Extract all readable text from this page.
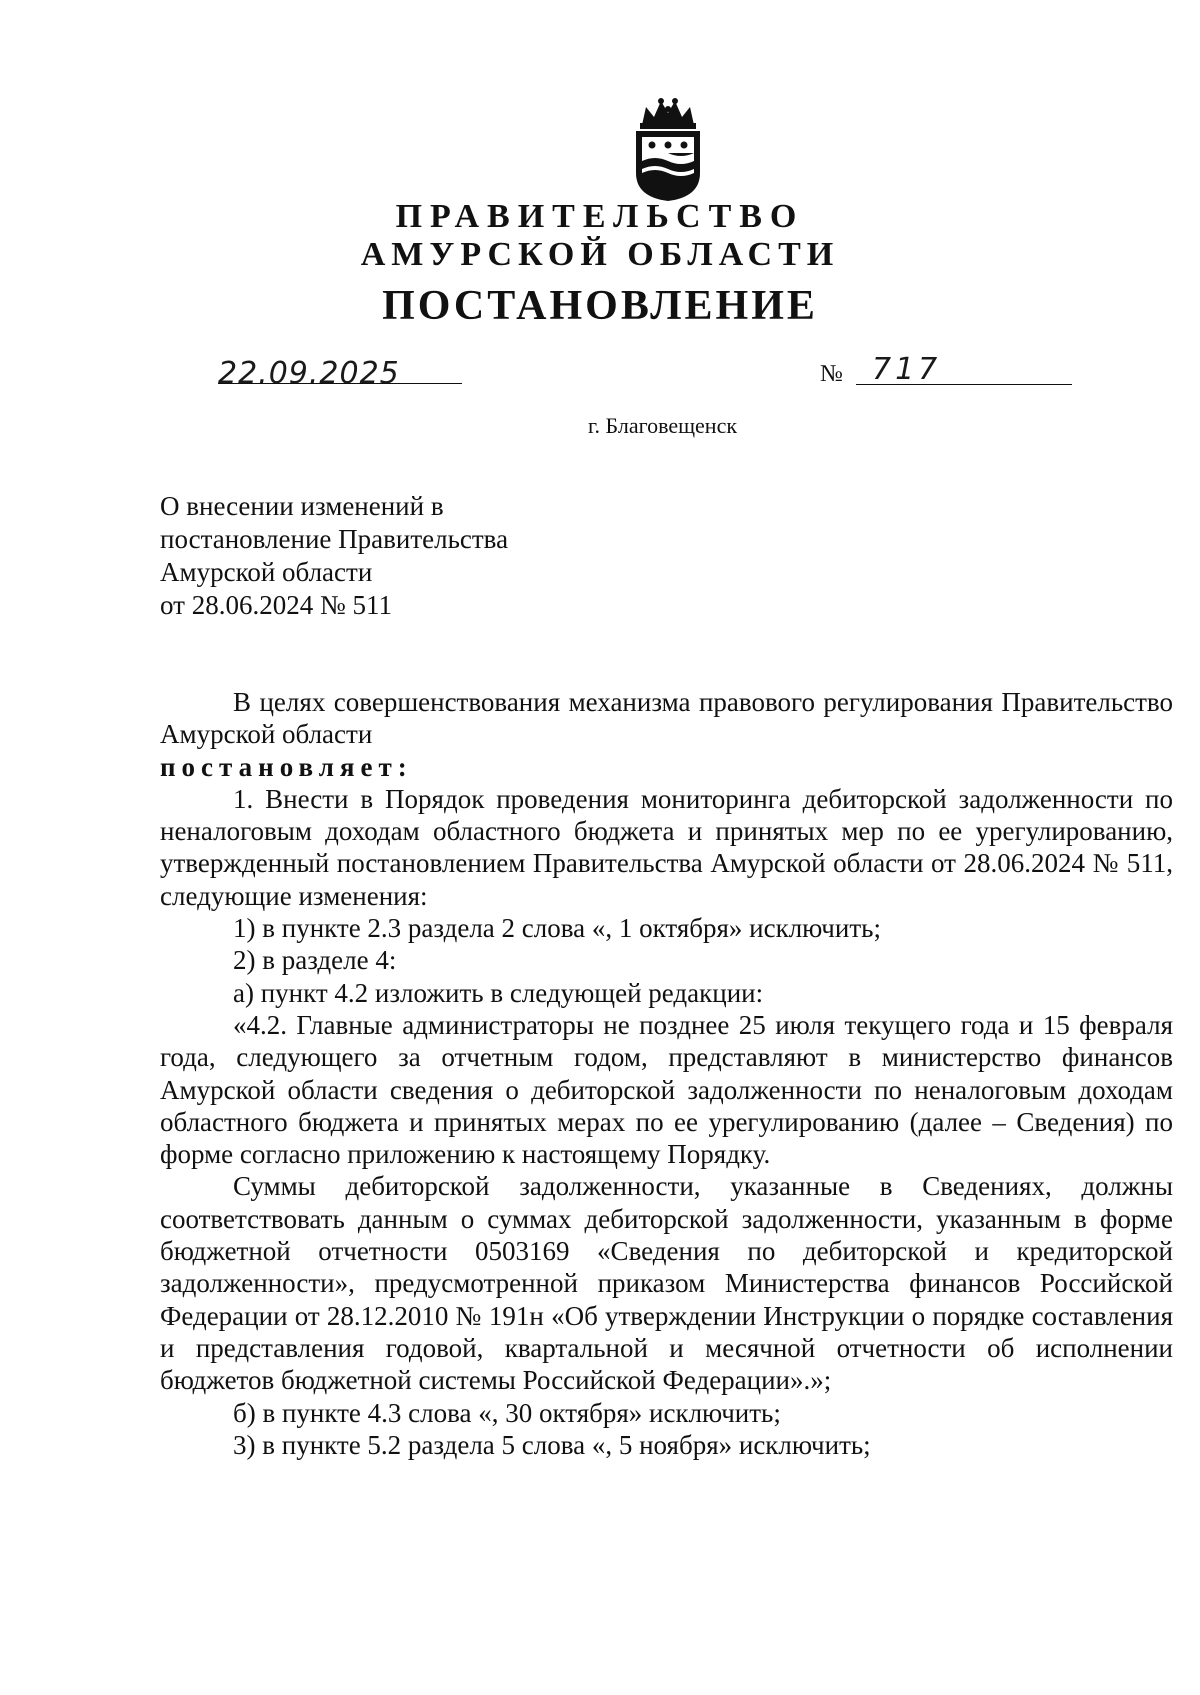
ПРАВИТЕЛЬСТВО
АМУРСКОЙ ОБЛАСТИ
ПОСТАНОВЛЕНИЕ
22.09.2025	№ 717
г. Благовещенск
О внесении изменений в
постановление Правительства
Амурской области
от 28.06.2024 № 511

В целях совершенствования механизма правового регулирования Правительство Амурской области

постановляет:

1. Внести в Порядок проведения мониторинга дебиторской задолженности по неналоговым доходам областного бюджета и принятых мер по ее урегулированию, утвержденный постановлением Правительства Амурской области от 28.06.2024 № 511, следующие изменения:

1) в пункте 2.3 раздела 2 слова «, 1 октября» исключить;

2) в разделе 4:

а) пункт 4.2 изложить в следующей редакции:

«4.2. Главные администраторы не позднее 25 июля текущего года и 15 февраля года, следующего за отчетным годом, представляют в министерство финансов Амурской области сведения о дебиторской задолженности по неналоговым доходам областного бюджета и принятых мерах по ее урегулированию (далее – Сведения) по форме согласно приложению к настоящему Порядку.

Суммы дебиторской задолженности, указанные в Сведениях, должны соответствовать данным о суммах дебиторской задолженности, указанным в форме бюджетной отчетности 0503169 «Сведения по дебиторской и кредиторской задолженности», предусмотренной приказом Министерства финансов Российской Федерации от 28.12.2010 № 191н «Об утверждении Инструкции о порядке составления и представления годовой, квартальной и месячной отчетности об исполнении бюджетов бюджетной системы Российской Федерации».»;

б) в пункте 4.3 слова «, 30 октября» исключить;

3) в пункте 5.2 раздела 5 слова «, 5 ноября» исключить;
